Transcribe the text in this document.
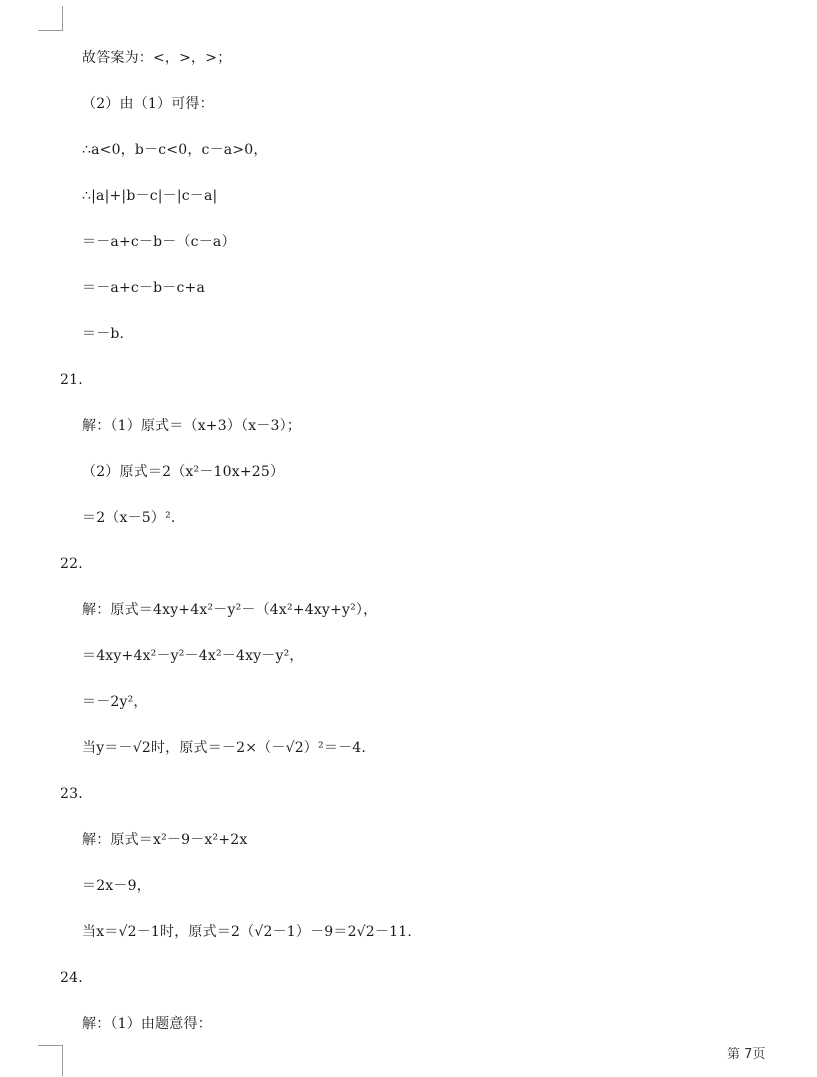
故答案为：<，>，>；
（2）由（1）可得：
∴a<0，b－c<0，c－a>0，
∴|a|+|b－c|－|c－a|
＝－a+c－b－（c－a）
＝－a+c－b－c+a
＝－b.
21.
解：（1）原式＝（x+3）（x－3）；
（2）原式＝2（x²－10x+25）
＝2（x－5）².
22.
解：原式＝4xy+4x²－y²－（4x²+4xy+y²），
＝4xy+4x²－y²－4x²－4xy－y²，
＝－2y²，
当y＝－√2时，原式＝－2×（－√2）²＝－4.
23.
解：原式＝x²－9－x²+2x
＝2x－9，
当x＝√2－1时，原式＝2（√2－1）－9＝2√2－11.
24.
解：（1）由题意得：
第 7页
